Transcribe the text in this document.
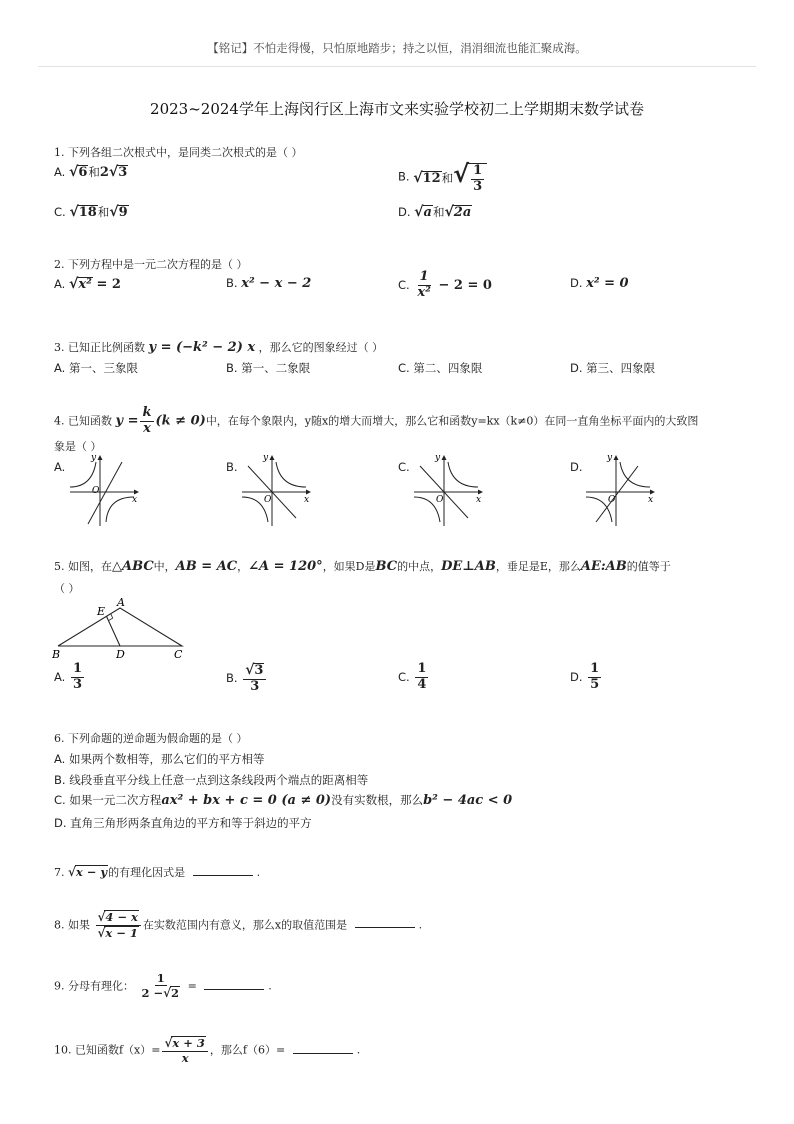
【铭记】不怕走得慢，只怕原地踏步；持之以恒，涓涓细流也能汇聚成海。
2023~2024学年上海闵行区上海市文来实验学校初二上学期期末数学试卷
1. 下列各组二次根式中，是同类二次根式的是（ ）
A. √6和2√3	B. √12和√ $\frac{1}{3}$
C. √18和√9	D. √a和√2a
2. 下列方程中是一元二次方程的是（ ）
A. √x² = 2	B. x² − x − 2	C. $\frac{1}{\text{x²}} - 2 = 0$	D. x² = 0
3. 已知正比例函数 y = (−k² − 2) x ，那么它的图象经过（ ）
A. 第一、三象限	B. 第一、二象限	C. 第二、四象限	D. 第三、四象限
4. 已知函数 $y = \frac{k}{x} (k \ne 0)$中，在每个象限内，y随x的增大而增大，那么它和函数y=kx（k≠0）在同一直角坐标平面内的大致图
象是（ ）
A.
y
x
O
B.
y
x
O
C.
y
x
O
D.
y
x
O
5. 如图，在△ABC中，AB = AC，∠A = 120°，如果D是BC的中点，DE⊥AB，垂足是E，那么AE:AB的值等于
（ ）
A
B	C
D
E
A. $\frac{1}{3}$	B. $\frac{√3}{3}$	C. $\frac{1}{4}$	D. $\frac{1}{5}$
6. 下列命题的逆命题为假命题的是（ ）
A. 如果两个数相等，那么它们的平方相等
B. 线段垂直平分线上任意一点到这条线段两个端点的距离相等
C. 如果一元二次方程ax² + bx + c = 0 (a ≠ 0)没有实数根，那么b² − 4ac < 0
D. 直角三角形两条直角边的平方和等于斜边的平方
7. √x − y的有理化因式是	.
8. 如果 $\frac{√4 - x}{√x - 1}$ 在实数范围内有意义，那么x的取值范围是	.
9. 分母有理化： $\frac{1}{2 -√2}$ =	.
10. 已知函数$f(x)= \frac{√x + 3}{x}$ ，那么f（6）=	.
